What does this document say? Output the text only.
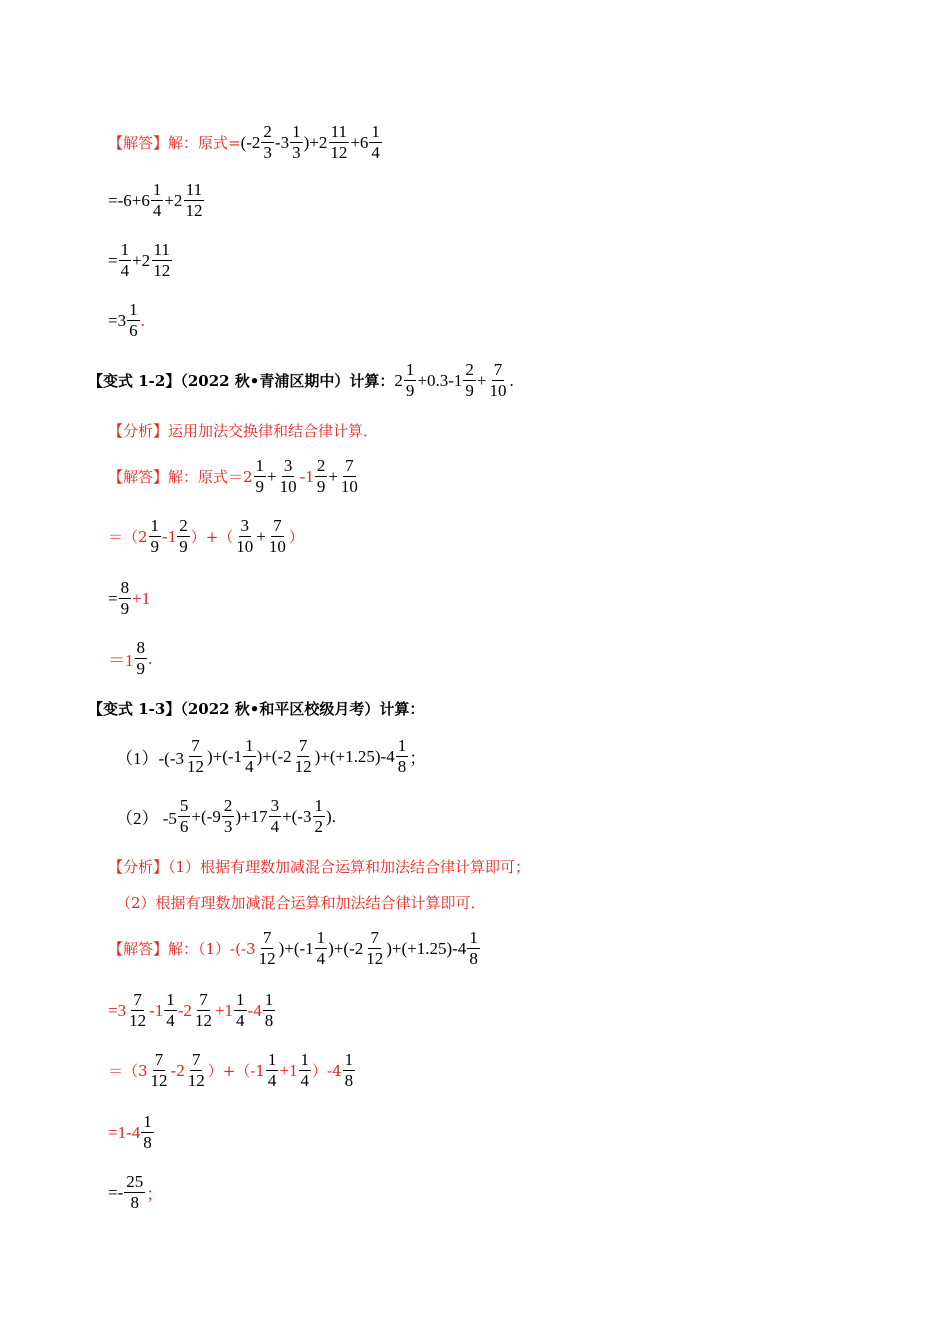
【解答】解：原式= $(-2 \frac{2}{3} -3 \frac{1}{3} )+2 \frac{11}{12} +6 \frac{1}{4}$
$=-6+6 \frac{1}{4} +2 \frac{11}{12}$
= $\frac{1}{4} +2 \frac{11}{12}$
$=3 \frac{1}{6}$ .
【变式 1-2】（2022 秋•青浦区期中）计算： $2 \frac{1}{9} +0.3-1 \frac{2}{9} + \frac{7}{10}$ .
【分析】运用加法交换律和结合律计算．
【解答】解：原式$=2 \frac{1}{9} + \frac{3}{10} -1 \frac{2}{9} + \frac{7}{10}$
$=(2 \frac{1}{9} -1 \frac{2}{9}$ ）+（ $\frac{3}{10} + \frac{7}{10}$ ）
= $\frac{8}{9} +1$
$=1 \frac{8}{9}$ .
【变式 1-3】（2022 秋•和平区校级月考）计算：
$(1)-(-3 \frac{7}{12} )+(-1 \frac{1}{4} )+(-2 \frac{7}{12} )+(+1.25)-4 \frac{1}{8}$ ；
（2） $-5 \frac{5}{6} +(-9 \frac{2}{3} )+17 \frac{3}{4} +(-3 \frac{1}{2}$ ).
【分析】（1）根据有理数加减混合运算和加法结合律计算即可；
（2）根据有理数加减混合运算和加法结合律计算即可．
【解答】解：$(1)-(-3 \frac{7}{12} )+(-1 \frac{1}{4} )+(-2 \frac{7}{12} )+(+1.25)-4 \frac{1}{8}$
$=3 \frac{7}{12} -1 \frac{1}{4} -2 \frac{7}{12} +1 \frac{1}{4} -4 \frac{1}{8}$
$=(3 \frac{7}{12} -2 \frac{7}{12} )+(-1 \frac{1}{4} +1 \frac{1}{4} )-4 \frac{1}{8}$
$=1-4 \frac{1}{8}$
=- $\frac{25}{8}$ ；
